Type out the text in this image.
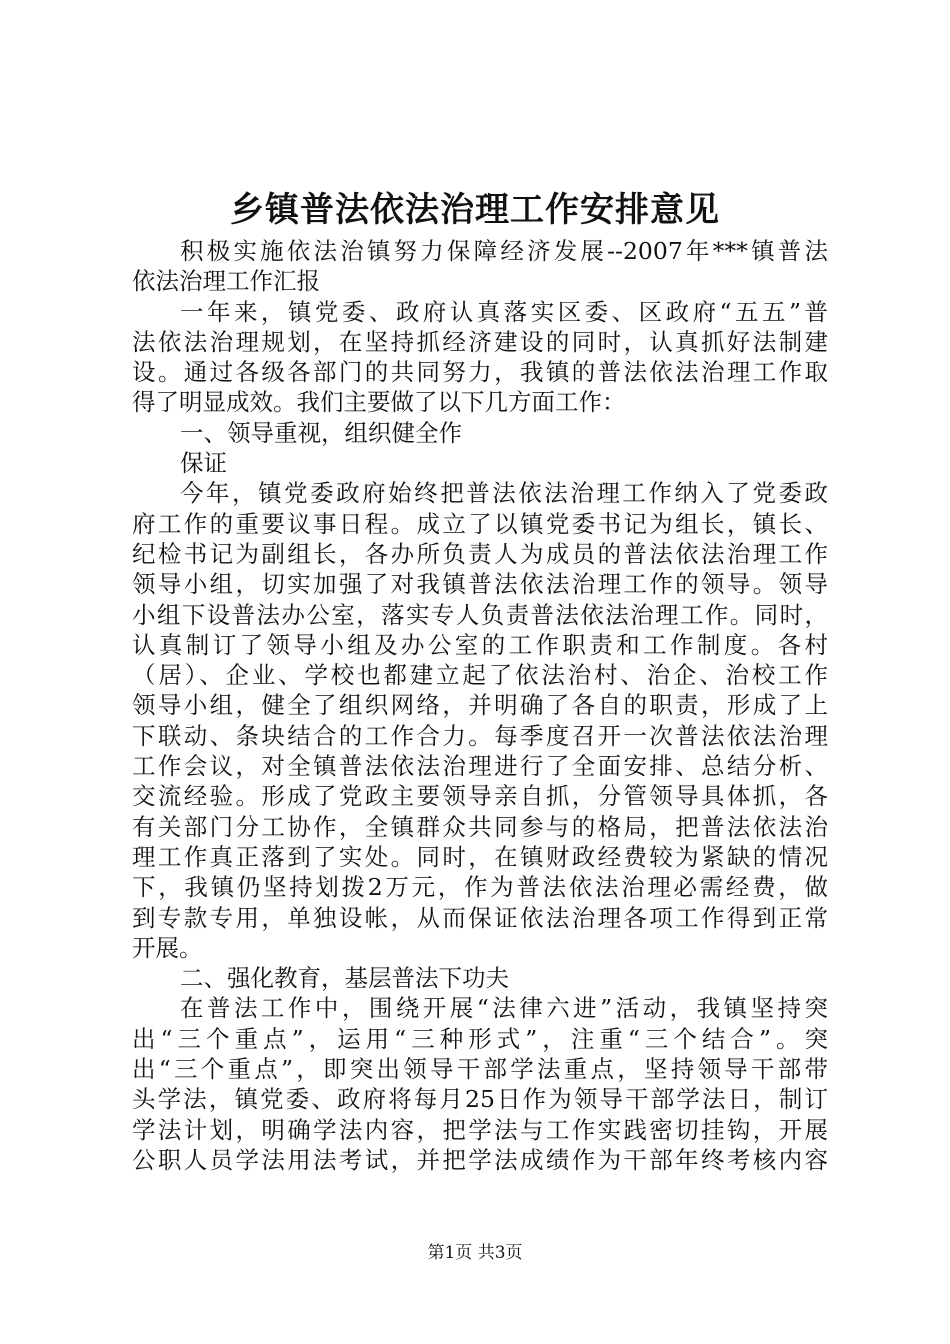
乡镇普法依法治理工作安排意见
积极实施依法治镇努力保障经济发展--2007年***镇普法
依法治理工作汇报
一年来，镇党委、政府认真落实区委、区政府“五五”普
法依法治理规划，在坚持抓经济建设的同时，认真抓好法制建
设。通过各级各部门的共同努力，我镇的普法依法治理工作取
得了明显成效。我们主要做了以下几方面工作：
一、领导重视，组织健全作
保证
今年，镇党委政府始终把普法依法治理工作纳入了党委政
府工作的重要议事日程。成立了以镇党委书记为组长，镇长、
纪检书记为副组长，各办所负责人为成员的普法依法治理工作
领导小组，切实加强了对我镇普法依法治理工作的领导。领导
小组下设普法办公室，落实专人负责普法依法治理工作。同时，
认真制订了领导小组及办公室的工作职责和工作制度。各村
（居）、企业、学校也都建立起了依法治村、治企、治校工作
领导小组，健全了组织网络，并明确了各自的职责，形成了上
下联动、条块结合的工作合力。每季度召开一次普法依法治理
工作会议，对全镇普法依法治理进行了全面安排、总结分析、
交流经验。形成了党政主要领导亲自抓，分管领导具体抓，各
有关部门分工协作，全镇群众共同参与的格局，把普法依法治
理工作真正落到了实处。同时，在镇财政经费较为紧缺的情况
下，我镇仍坚持划拨2万元，作为普法依法治理必需经费，做
到专款专用，单独设帐，从而保证依法治理各项工作得到正常
开展。
二、强化教育，基层普法下功夫
在普法工作中，围绕开展“法律六进”活动，我镇坚持突
出“三个重点”，运用“三种形式”，注重“三个结合”。突
出“三个重点”，即突出领导干部学法重点，坚持领导干部带
头学法，镇党委、政府将每月25日作为领导干部学法日，制订
学法计划，明确学法内容，把学法与工作实践密切挂钩，开展
公职人员学法用法考试，并把学法成绩作为干部年终考核内容
第1页 共3页
